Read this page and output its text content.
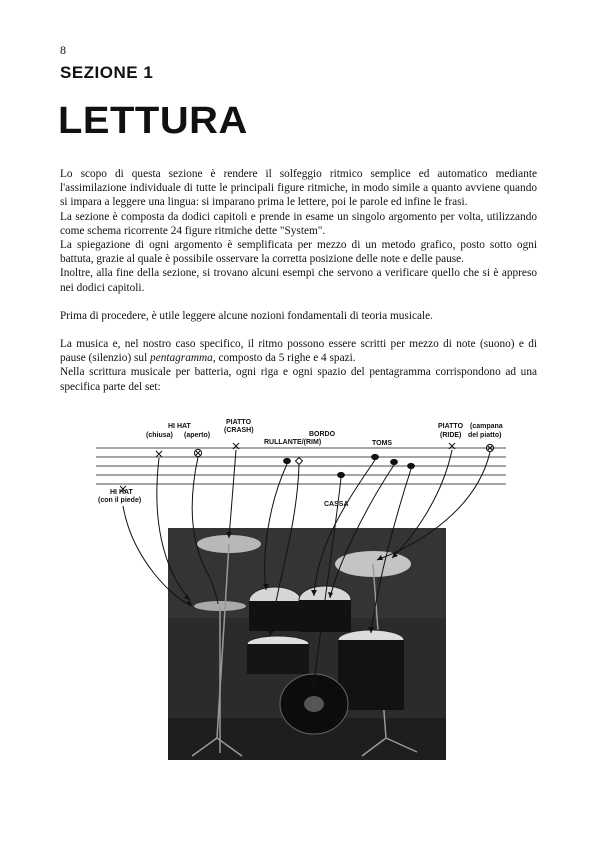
8
SEZIONE 1
LETTURA

Lo scopo di questa sezione è rendere il solfeggio ritmico semplice ed automatico mediante l'assimilazione individuale di tutte le principali figure ritmiche, in modo simile a quanto avviene quando si impara a leggere una lingua: si imparano prima le lettere, poi le parole ed infine le frasi.

La sezione è composta da dodici capitoli e prende in esame un singolo argomento per volta, utilizzando come schema ricorrente 24 figure ritmiche dette "System".

La spiegazione di ogni argomento è semplificata per mezzo di un metodo grafico, posto sotto ogni battuta, grazie al quale è possibile osservare la corretta posizione delle note e delle pause.

Inoltre, alla fine della sezione, si trovano alcuni esempi che servono a verificare quello che si è appreso nei dodici capitoli.

Prima di procedere, è utile leggere alcune nozioni fondamentali di teoria musicale.

La musica e, nel nostro caso specifico, il ritmo possono essere scritti per mezzo di note (suono) e di pause (silenzio) sul pentagramma, composto da 5 righe e 4 spazi.

Nella scrittura musicale per batteria, ogni riga e ogni spazio del pentagramma corrispondono ad una specifica parte del set:

HI HAT
(chiusa) (aperto)
PIATTO
(CRASH)
BORDO
RULLANTE/(RIM)	TOMS
CASSA
PIATTO
(RIDE)
(campana
del piatto)
HI HAT
(con il piede)
